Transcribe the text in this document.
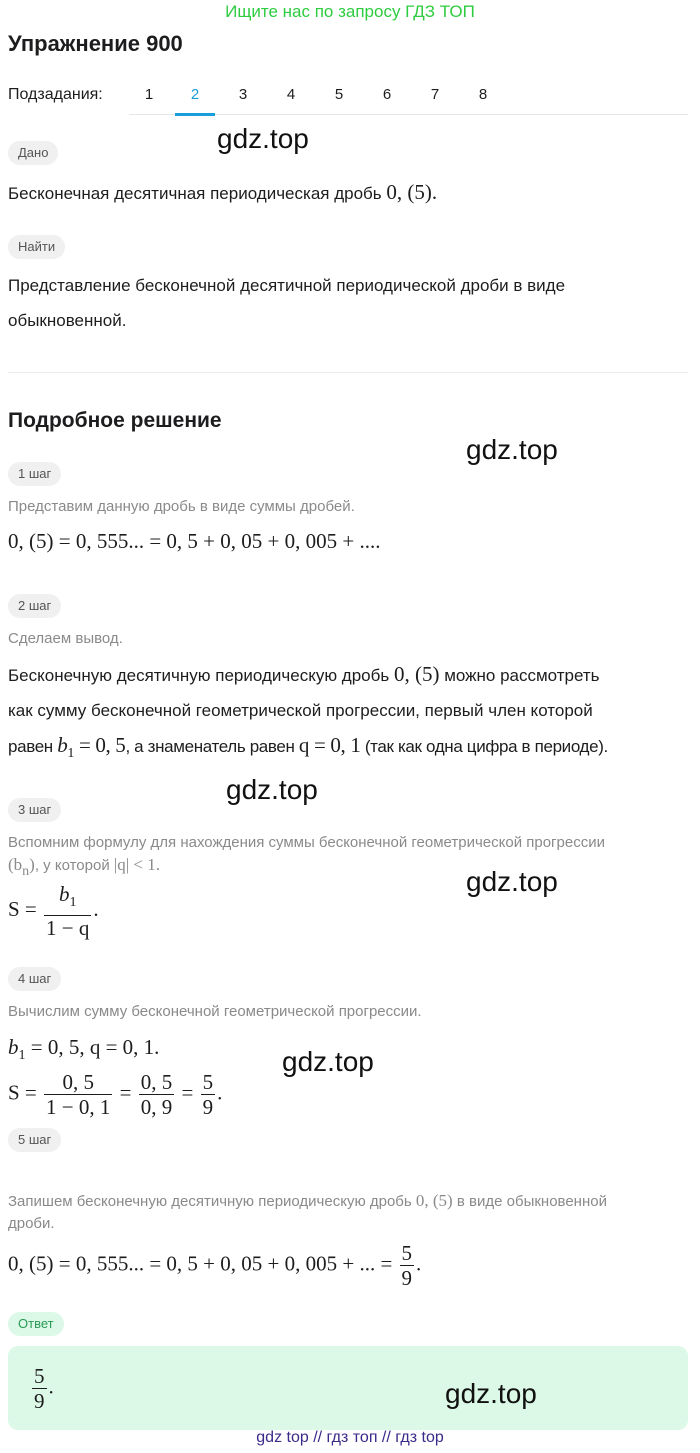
Ищите нас по запросу ГДЗ ТОП
Упражнение 900
Подзадания:	1	2	3	4	5	6	7	8
gdz.top
Дано
Бесконечная десятичная периодическая дробь 0, (5).
Найти
Представление бесконечной десятичной периодической дроби в виде
обыкновенной.
Подробное решение
gdz.top
1 шаг
Представим данную дробь в виде суммы дробей.
0, (5) = 0, 555... = 0, 5 + 0, 05 + 0, 005 + ....
2 шаг
Сделаем вывод.
Бесконечную десятичную периодическую дробь 0, (5) можно рассмотреть
как сумму бесконечной геометрической прогрессии, первый член которой
равен $b_1 = 0$, 5, а знаменатель равен q = 0, 1 (так как одна цифра в периоде).
gdz.top
3 шаг
Вспомним формулу для нахождения суммы бесконечной геометрической прогрессии
$(b_n)$, у которой |q| < 1.
$S = \frac{b_1}{1 - q}$ .
gdz.top
4 шаг
Вычислим сумму бесконечной геометрической прогрессии.
$b_1 = 0$, 5, q = 0, 1.
$S = \frac{0, 5}{1 - 0, 1} = \frac{0, 5}{0, 9} = \frac{5}{9}$ .
gdz.top
5 шаг
Запишем бесконечную десятичную периодическую дробь 0, (5) в виде обыкновенной
дроби.
0, (5) = 0, 555... = 0, 5 + 0, 05 + 0, 005 + ... = $\frac{5}{9}$ .
Ответ
$\frac{5}{9}$ .	gdz.top
gdz top // гдз топ // гдз top
